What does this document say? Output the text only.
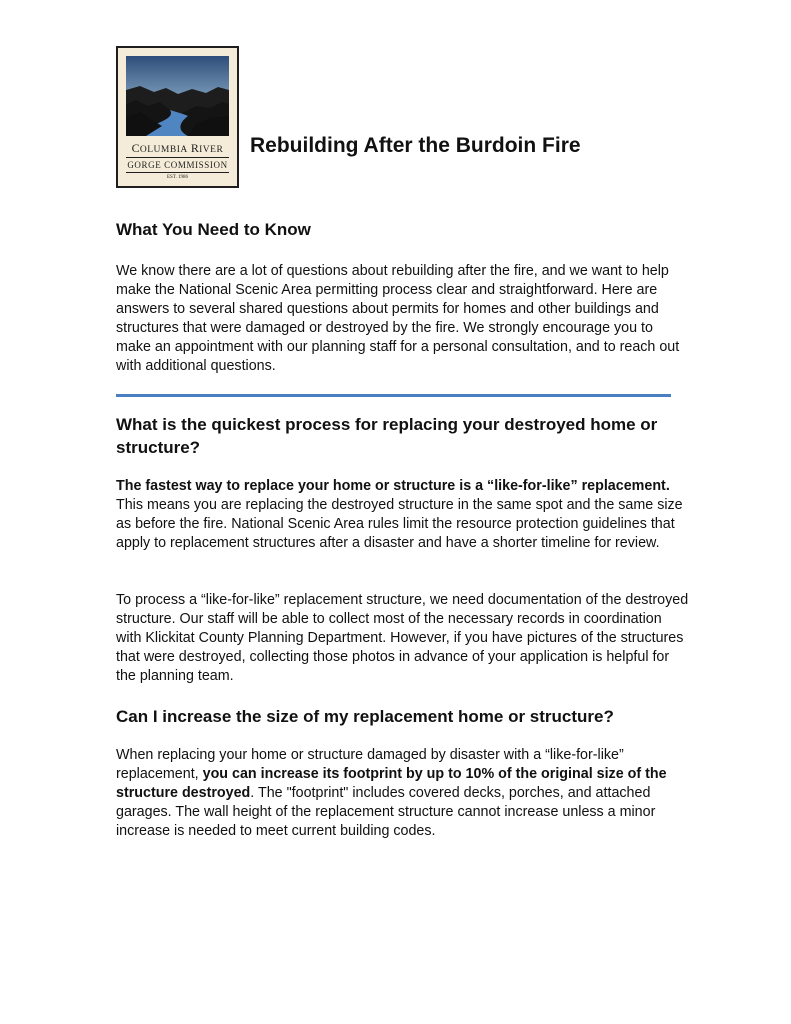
COLUMBIA RIVER
GORGE COMMISSION
EST. 1986
Rebuilding After the Burdoin Fire
What You Need to Know

We know there are a lot of questions about rebuilding after the fire, and we want to help make the National Scenic Area permitting process clear and straightforward. Here are answers to several shared questions about permits for homes and other buildings and structures that were damaged or destroyed by the fire. We strongly encourage you to make an appointment with our planning staff for a personal consultation, and to reach out with additional questions.

What is the quickest process for replacing your destroyed home or structure?

The fastest way to replace your home or structure is a “like-for-like” replacement. This means you are replacing the destroyed structure in the same spot and the same size as before the fire. National Scenic Area rules limit the resource protection guidelines that apply to replacement structures after a disaster and have a shorter timeline for review.

To process a “like-for-like” replacement structure, we need documentation of the destroyed structure. Our staff will be able to collect most of the necessary records in coordination with Klickitat County Planning Department. However, if you have pictures of the structures that were destroyed, collecting those photos in advance of your application is helpful for the planning team.

Can I increase the size of my replacement home or structure?

When replacing your home or structure damaged by disaster with a “like-for-like” replacement, you can increase its footprint by up to 10% of the original size of the structure destroyed. The "footprint" includes covered decks, porches, and attached garages. The wall height of the replacement structure cannot increase unless a minor increase is needed to meet current building codes.
